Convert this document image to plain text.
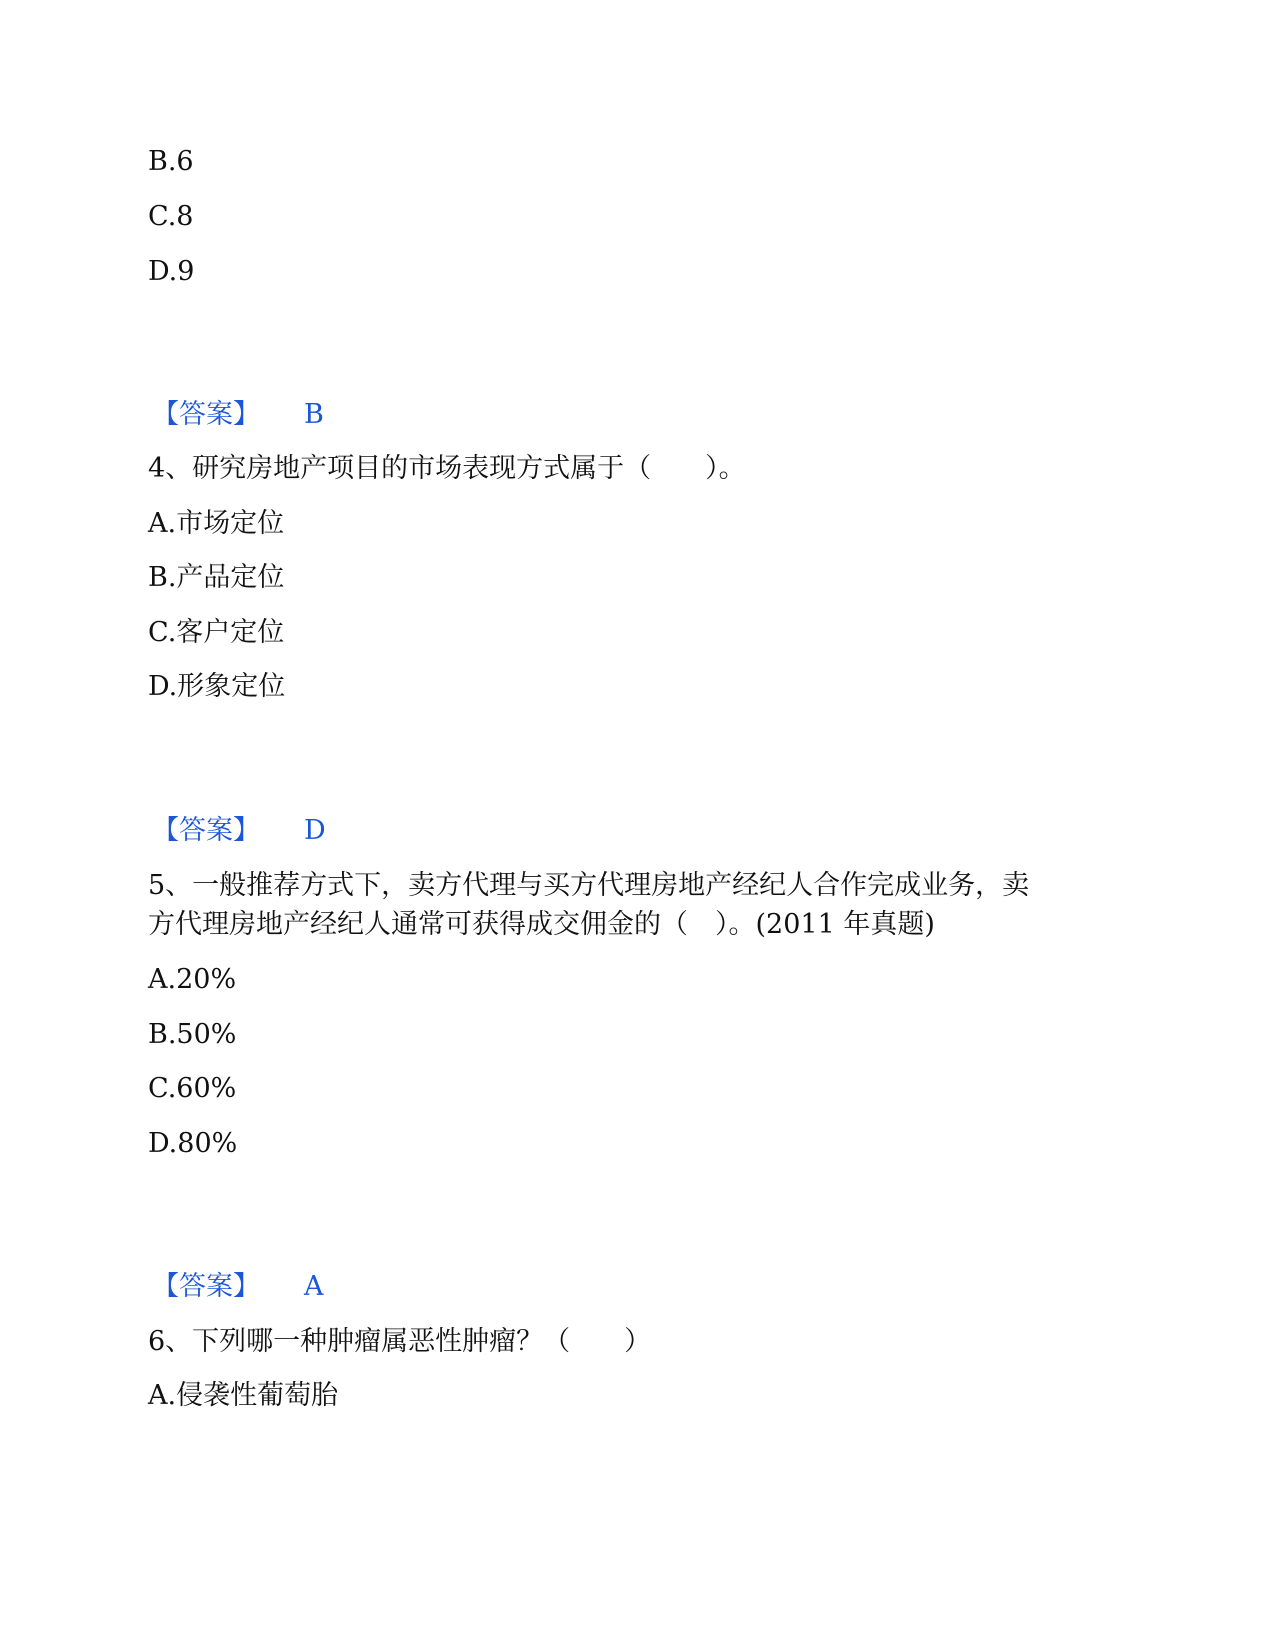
B.6
C.8
D.9
【答案】 B
4、研究房地产项目的市场表现方式属于（　　）。
A.市场定位
B.产品定位
C.客户定位
D.形象定位
【答案】 D
5、一般推荐方式下，卖方代理与买方代理房地产经纪人合作完成业务，卖
方代理房地产经纪人通常可获得成交佣金的（　）。(2011 年真题)
A.20%
B.50%
C.60%
D.80%
【答案】 A
6、下列哪一种肿瘤属恶性肿瘤？（　　）
A.侵袭性葡萄胎
